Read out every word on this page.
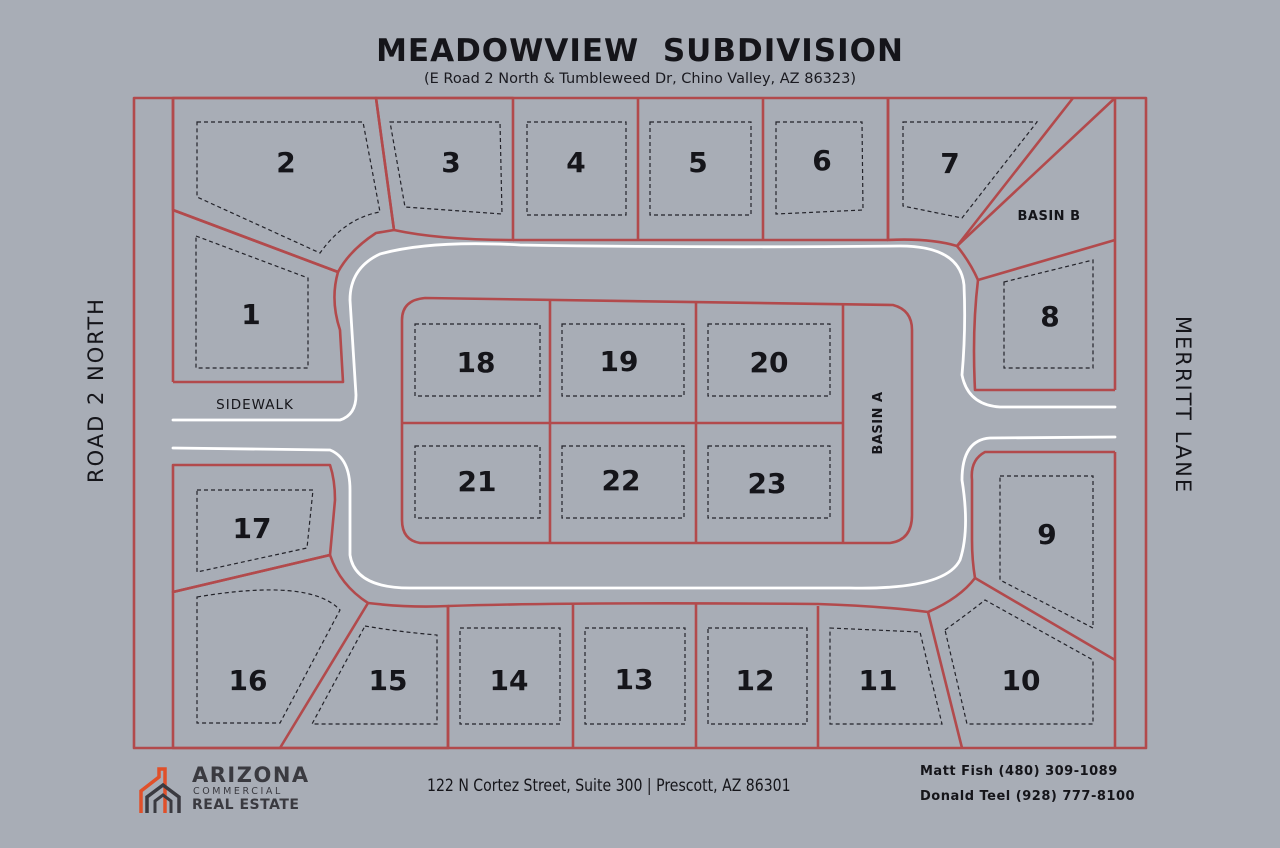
MEADOWVIEW  SUBDIVISION
(E Road 2 North & Tumbleweed Dr, Chino Valley, AZ 86323)
ROAD 2 NORTH	MERRITT LANE
2	3	4	5	6	7
1	8
18	19	20
21	22	23
17	9
16	15	14	13	12	11	10
SIDEWALK
BASIN B
BASIN A
ARIZONA
COMMERCIAL
REAL ESTATE
122 N Cortez Street, Suite 300 | Prescott, AZ 86301
Matt Fish (480) 309-1089
Donald Teel (928) 777-8100
